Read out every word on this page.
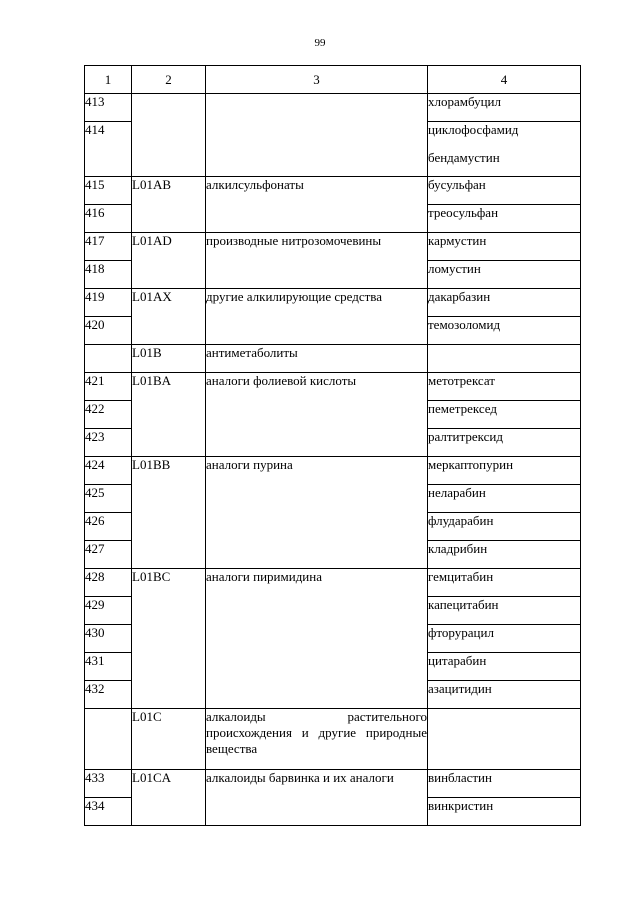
99
1	2	3	4
413			хлорамбуцил
414			циклофосфамид
бендамустин

415	L01AB	алкилсульфонаты	бусульфан
416			треосульфан
417	L01AD	производные нитрозомочевины	кармустин
418			ломустин
419	L01AX	другие алкилирующие средства	дакарбазин
420			темозоломид
	L01B	антиметаболиты	
421	L01BA	аналоги фолиевой кислоты	метотрексат
422			пеметрексед
423			ралтитрексид
424	L01BB	аналоги пурина	меркаптопурин
425			неларабин
426			флударабин
427			кладрибин
428	L01BC	аналоги пиримидина	гемцитабин
429			капецитабин
430			фторурацил
431			цитарабин
432			азацитидин
	L01C	алкалоиды растительного происхождения и другие природные вещества	
433	L01CA	алкалоиды барвинка и их аналоги	винбластин
434			винкристин
